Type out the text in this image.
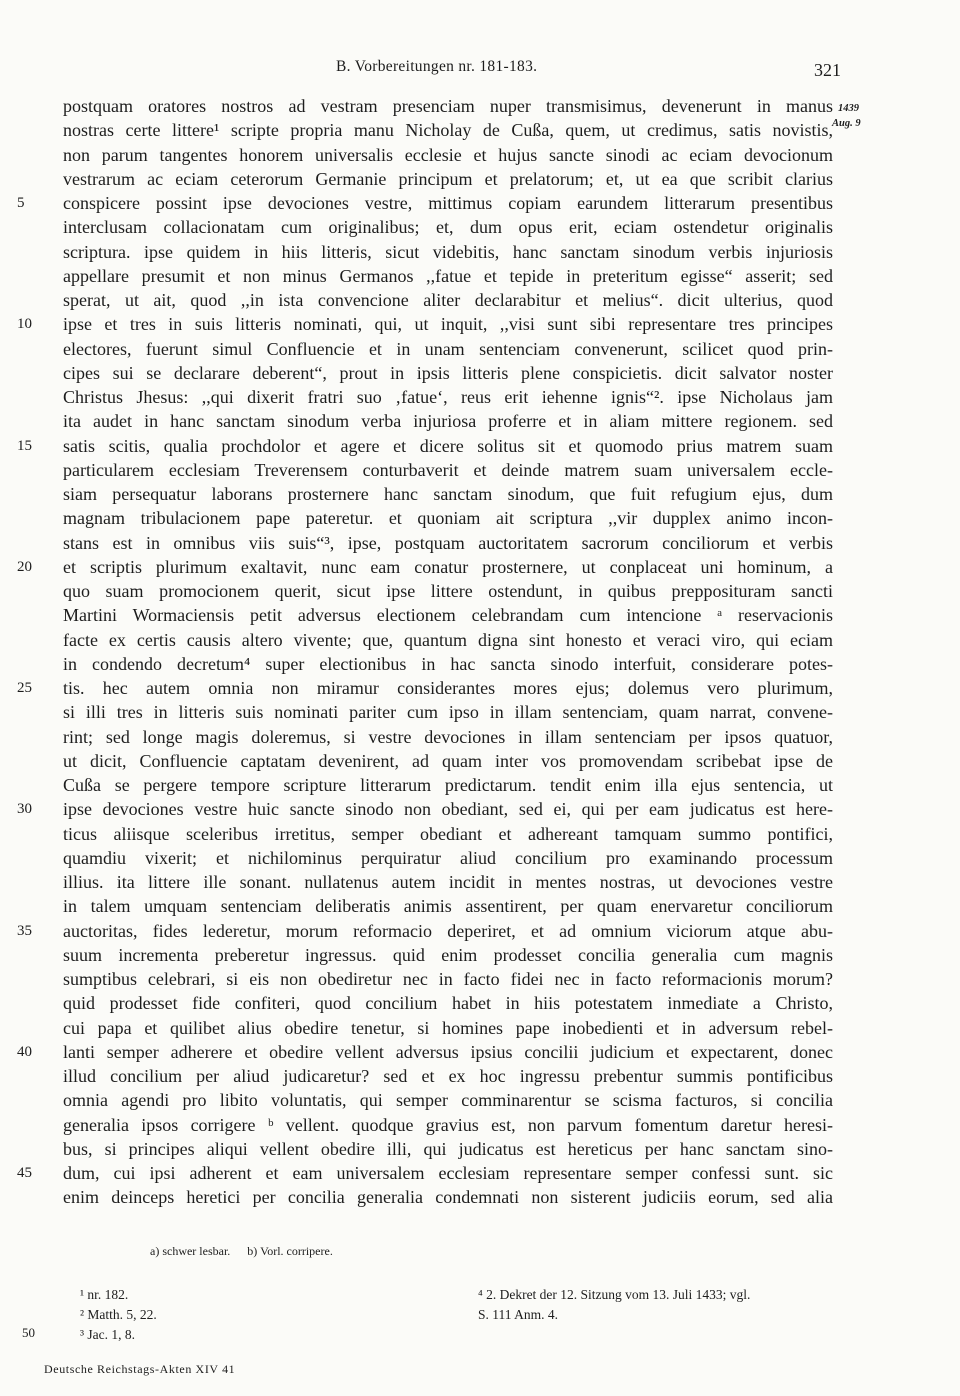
B. Vorbereitungen nr. 181-183.	321
1439
Aug. 9
postquam oratores nostros ad vestram presenciam nuper transmisimus, devenerunt in manus
nostras certe littere¹ scripte propria manu Nicholay de Cußa, quem, ut credimus, satis novistis,
non parum tangentes honorem universalis ecclesie et hujus sancte sinodi ac eciam devocionum
vestrarum ac eciam ceterorum Germanie principum et prelatorum; et, ut ea que scribit clarius
5	conspicere possint ipse devociones vestre, mittimus copiam earundem litterarum presentibus
interclusam collacionatam cum originalibus; et, dum opus erit, eciam ostendetur originalis
scriptura. ipse quidem in hiis litteris, sicut videbitis, hanc sanctam sinodum verbis injuriosis
appellare presumit et non minus Germanos ,,fatue et tepide in preteritum egisse“ asserit; sed
sperat, ut ait, quod ,,in ista convencione aliter declarabitur et melius“. dicit ulterius, quod
10	ipse et tres in suis litteris nominati, qui, ut inquit, ,,visi sunt sibi representare tres principes
electores, fuerunt simul Confluencie et in unam sentenciam convenerunt, scilicet quod prin-
cipes sui se declarare deberent“, prout in ipsis litteris plene conspicietis. dicit salvator noster
Christus Jhesus: ,,qui dixerit fratri suo ‚fatue‘, reus erit iehenne ignis“². ipse Nicholaus jam
ita audet in hanc sanctam sinodum verba injuriosa proferre et in aliam mittere regionem. sed
15	satis scitis, qualia prochdolor et agere et dicere solitus sit et quomodo prius matrem suam
particularem ecclesiam Treverensem conturbaverit et deinde matrem suam universalem eccle-
siam persequatur laborans prosternere hanc sanctam sinodum, que fuit refugium ejus, dum
magnam tribulacionem pape pateretur. et quoniam ait scriptura ,,vir dupplex animo incon-
stans est in omnibus viis suis“³, ipse, postquam auctoritatem sacrorum conciliorum et verbis
20	et scriptis plurimum exaltavit, nunc eam conatur prosternere, ut conplaceat uni hominum, a
quo suam promocionem querit, sicut ipse littere ostendunt, in quibus prepposituram sancti
Martini Wormaciensis petit adversus electionem celebrandam cum intencione ᵃ reservacionis
facte ex certis causis altero vivente; que, quantum digna sint honesto et veraci viro, qui eciam
in condendo decretum⁴ super electionibus in hac sancta sinodo interfuit, considerare potes-
25	tis. hec autem omnia non miramur considerantes mores ejus; dolemus vero plurimum,
si illi tres in litteris suis nominati pariter cum ipso in illam sentenciam, quam narrat, convene-
rint; sed longe magis doleremus, si vestre devociones in illam sentenciam per ipsos quatuor,
ut dicit, Confluencie captatam devenirent, ad quam inter vos promovendam scribebat ipse de
Cußa se pergere tempore scripture litterarum predictarum. tendit enim illa ejus sentencia, ut
30	ipse devociones vestre huic sancte sinodo non obediant, sed ei, qui per eam judicatus est here-
ticus aliisque sceleribus irretitus, semper obediant et adhereant tamquam summo pontifici,
quamdiu vixerit; et nichilominus perquiratur aliud concilium pro examinando processum
illius. ita littere ille sonant. nullatenus autem incidit in mentes nostras, ut devociones vestre
in talem umquam sentenciam deliberatis animis assentirent, per quam enervaretur conciliorum
35	auctoritas, fides lederetur, morum reformacio deperiret, et ad omnium viciorum atque abu-
suum incrementa preberetur ingressus. quid enim prodesset concilia generalia cum magnis
sumptibus celebrari, si eis non obediretur nec in facto fidei nec in facto reformacionis morum?
quid prodesset fide confiteri, quod concilium habet in hiis potestatem inmediate a Christo,
cui papa et quilibet alius obedire tenetur, si homines pape inobedienti et in adversum rebel-
40	lanti semper adherere et obedire vellent adversus ipsius concilii judicium et expectarent, donec
illud concilium per aliud judicaretur? sed et ex hoc ingressu prebentur summis pontificibus
omnia agendi pro libito voluntatis, qui semper comminarentur se scisma facturos, si concilia
generalia ipsos corrigere ᵇ vellent. quodque gravius est, non parvum fomentum daretur heresi-
bus, si principes aliqui vellent obedire illi, qui judicatus est hereticus per hanc sanctam sino-
45	dum, cui ipsi adherent et eam universalem ecclesiam representare semper confessi sunt. sic
enim deinceps heretici per concilia generalia condemnati non sisterent judiciis eorum, sed alia
a) schwer lesbar. b) Vorl. corripere.
¹ nr. 182.
² Matth. 5, 22.
³ Jac. 1, 8.
⁴ 2. Dekret der 12. Sitzung vom 13. Juli 1433; vgl.
S. 111 Anm. 4.
50
Deutsche Reichstags-Akten XIV 41
